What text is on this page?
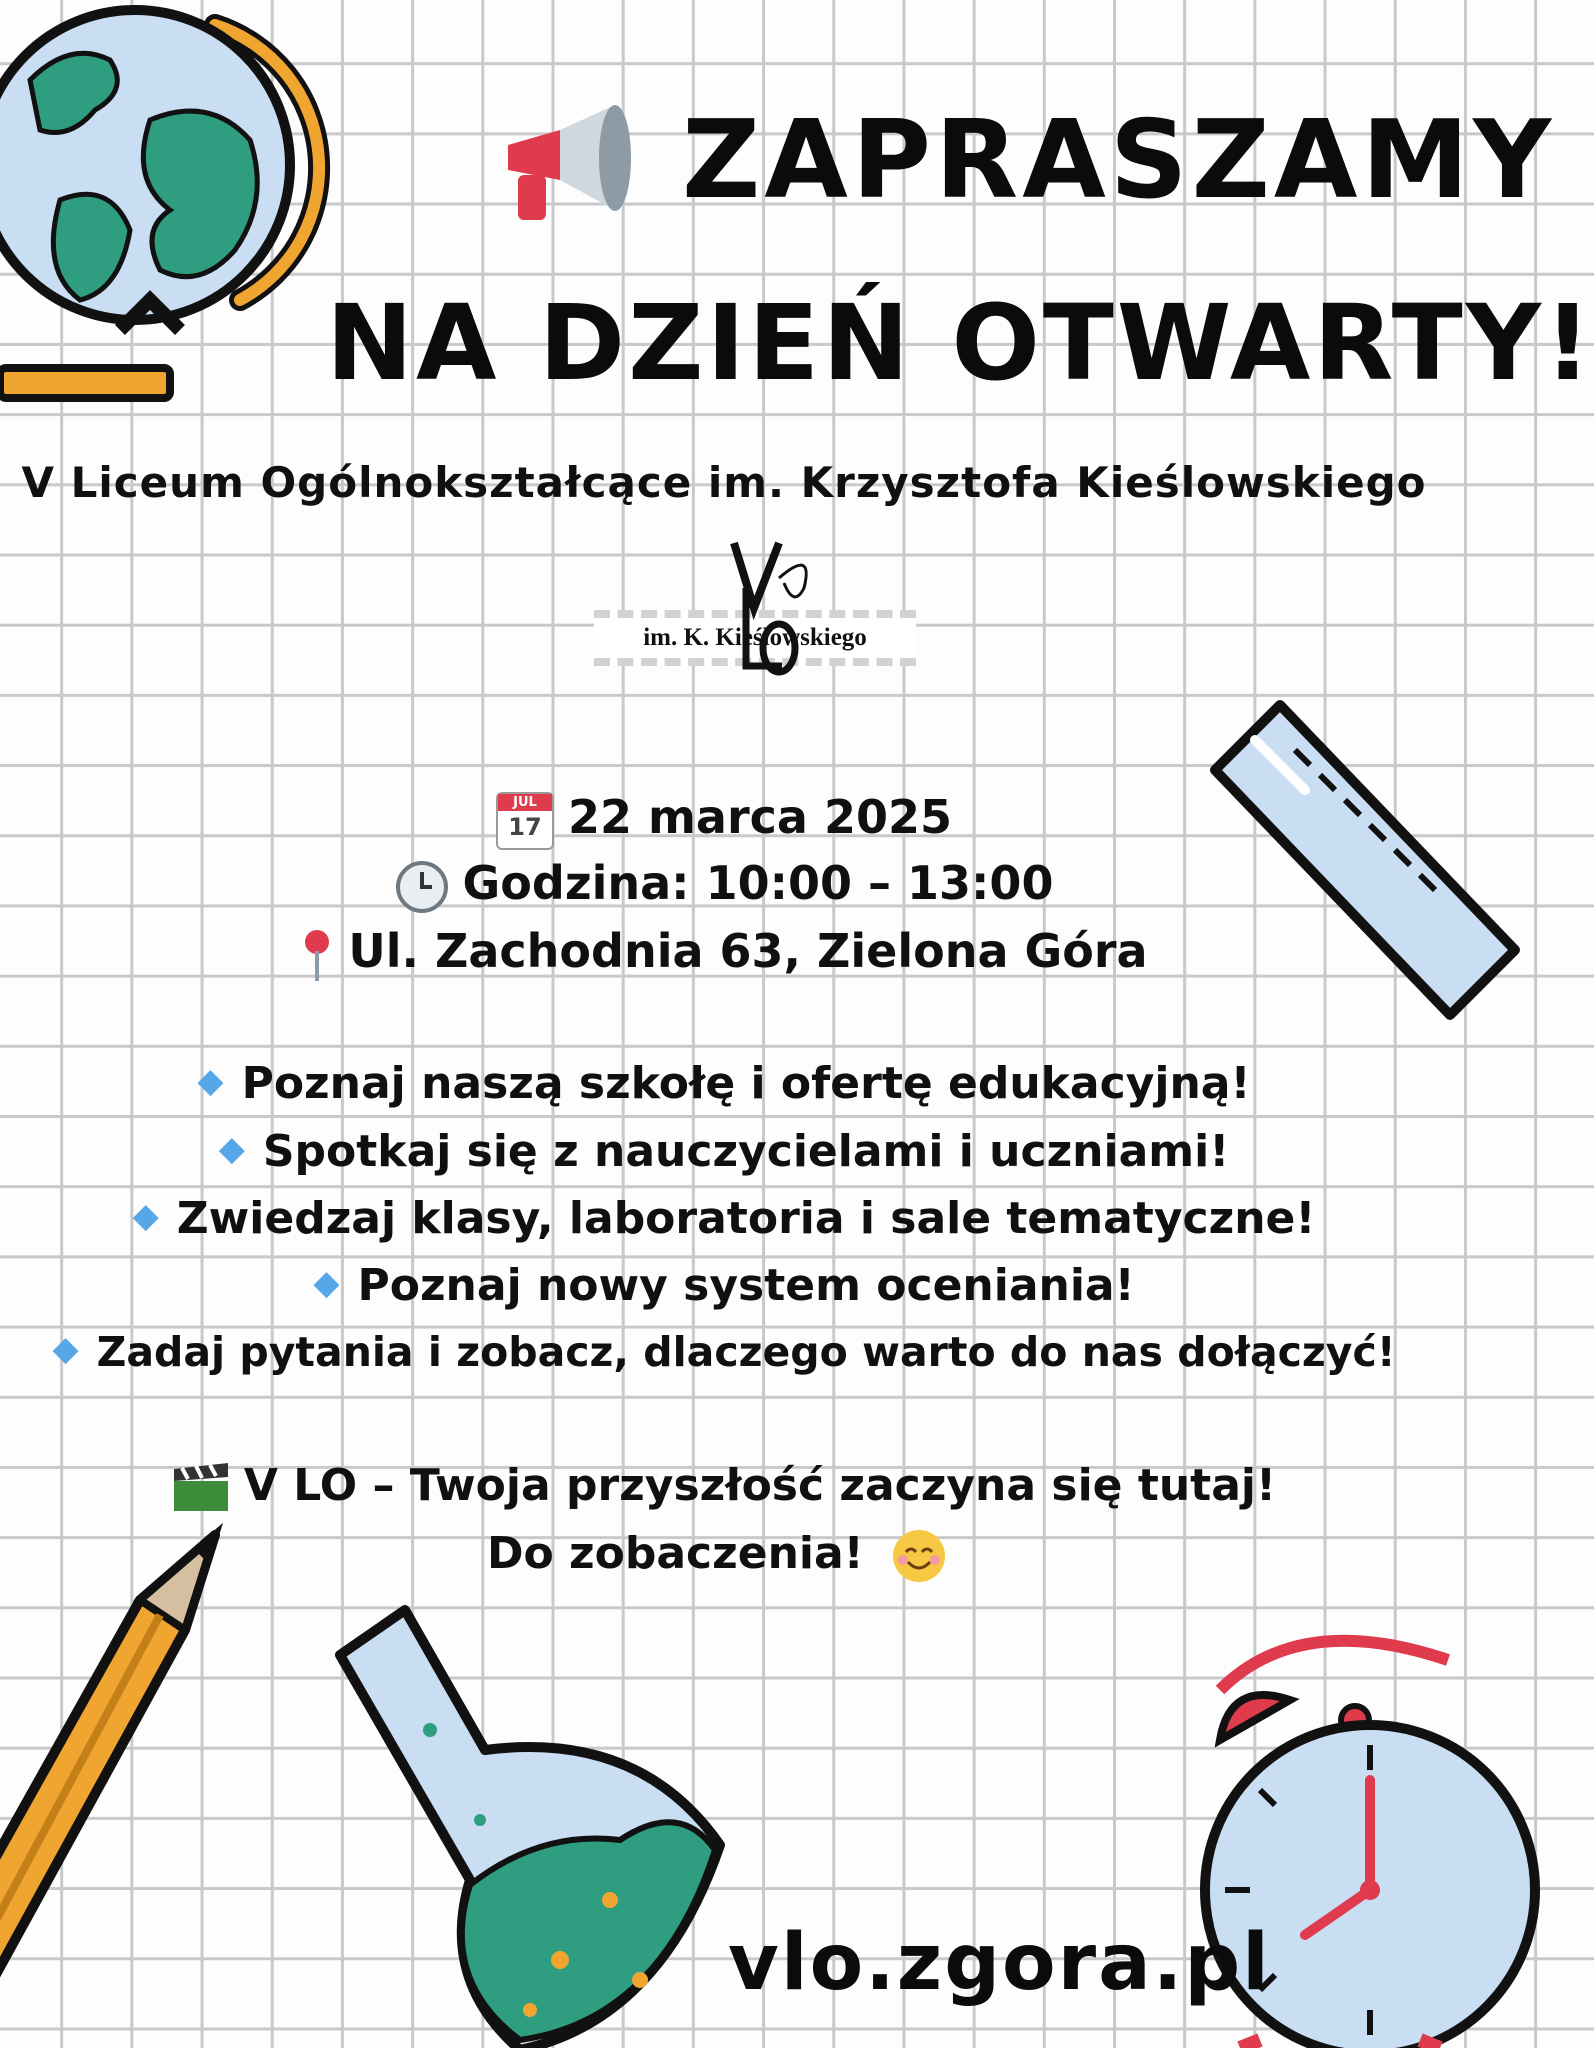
ZAPRASZAMY
NA DZIEŃ OTWARTY!
V Liceum Ogólnokształcące im. Krzysztofa Kieślowskiego
im. K. Kieślowskiego
JUL
17 22 marca 2025
Godzina: 10:00 – 13:00
Ul. Zachodnia 63, Zielona Góra
◆ Poznaj naszą szkołę i ofertę edukacyjną!
◆ Spotkaj się z nauczycielami i uczniami!
◆ Zwiedzaj klasy, laboratoria i sale tematyczne!
◆ Poznaj nowy system oceniania!
◆ Zadaj pytania i zobacz, dlaczego warto do nas dołączyć!
V LO – Twoja przyszłość zaczyna się tutaj!
Do zobaczenia!
vlo.zgora.pl
